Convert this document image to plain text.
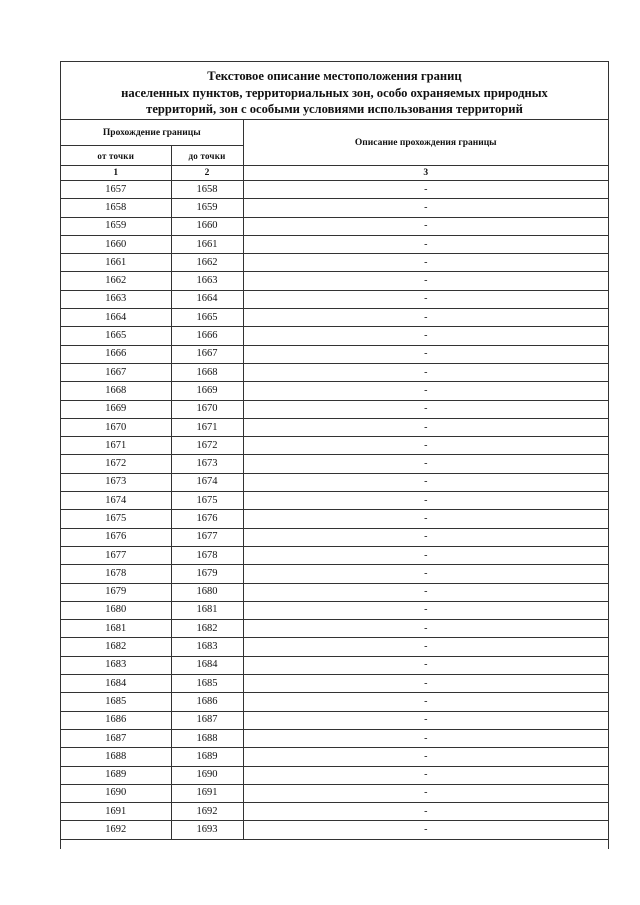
Текстовое описание местоположения границ
населенных пунктов, территориальных зон, особо охраняемых природных
территорий, зон с особыми условиями использования территорий
Прохождение границы		Описание прохождения границы
от точки	до точки	
1	2	3
1657	1658	-
1658	1659	-
1659	1660	-
1660	1661	-
1661	1662	-
1662	1663	-
1663	1664	-
1664	1665	-
1665	1666	-
1666	1667	-
1667	1668	-
1668	1669	-
1669	1670	-
1670	1671	-
1671	1672	-
1672	1673	-
1673	1674	-
1674	1675	-
1675	1676	-
1676	1677	-
1677	1678	-
1678	1679	-
1679	1680	-
1680	1681	-
1681	1682	-
1682	1683	-
1683	1684	-
1684	1685	-
1685	1686	-
1686	1687	-
1687	1688	-
1688	1689	-
1689	1690	-
1690	1691	-
1691	1692	-
1692	1693	-
